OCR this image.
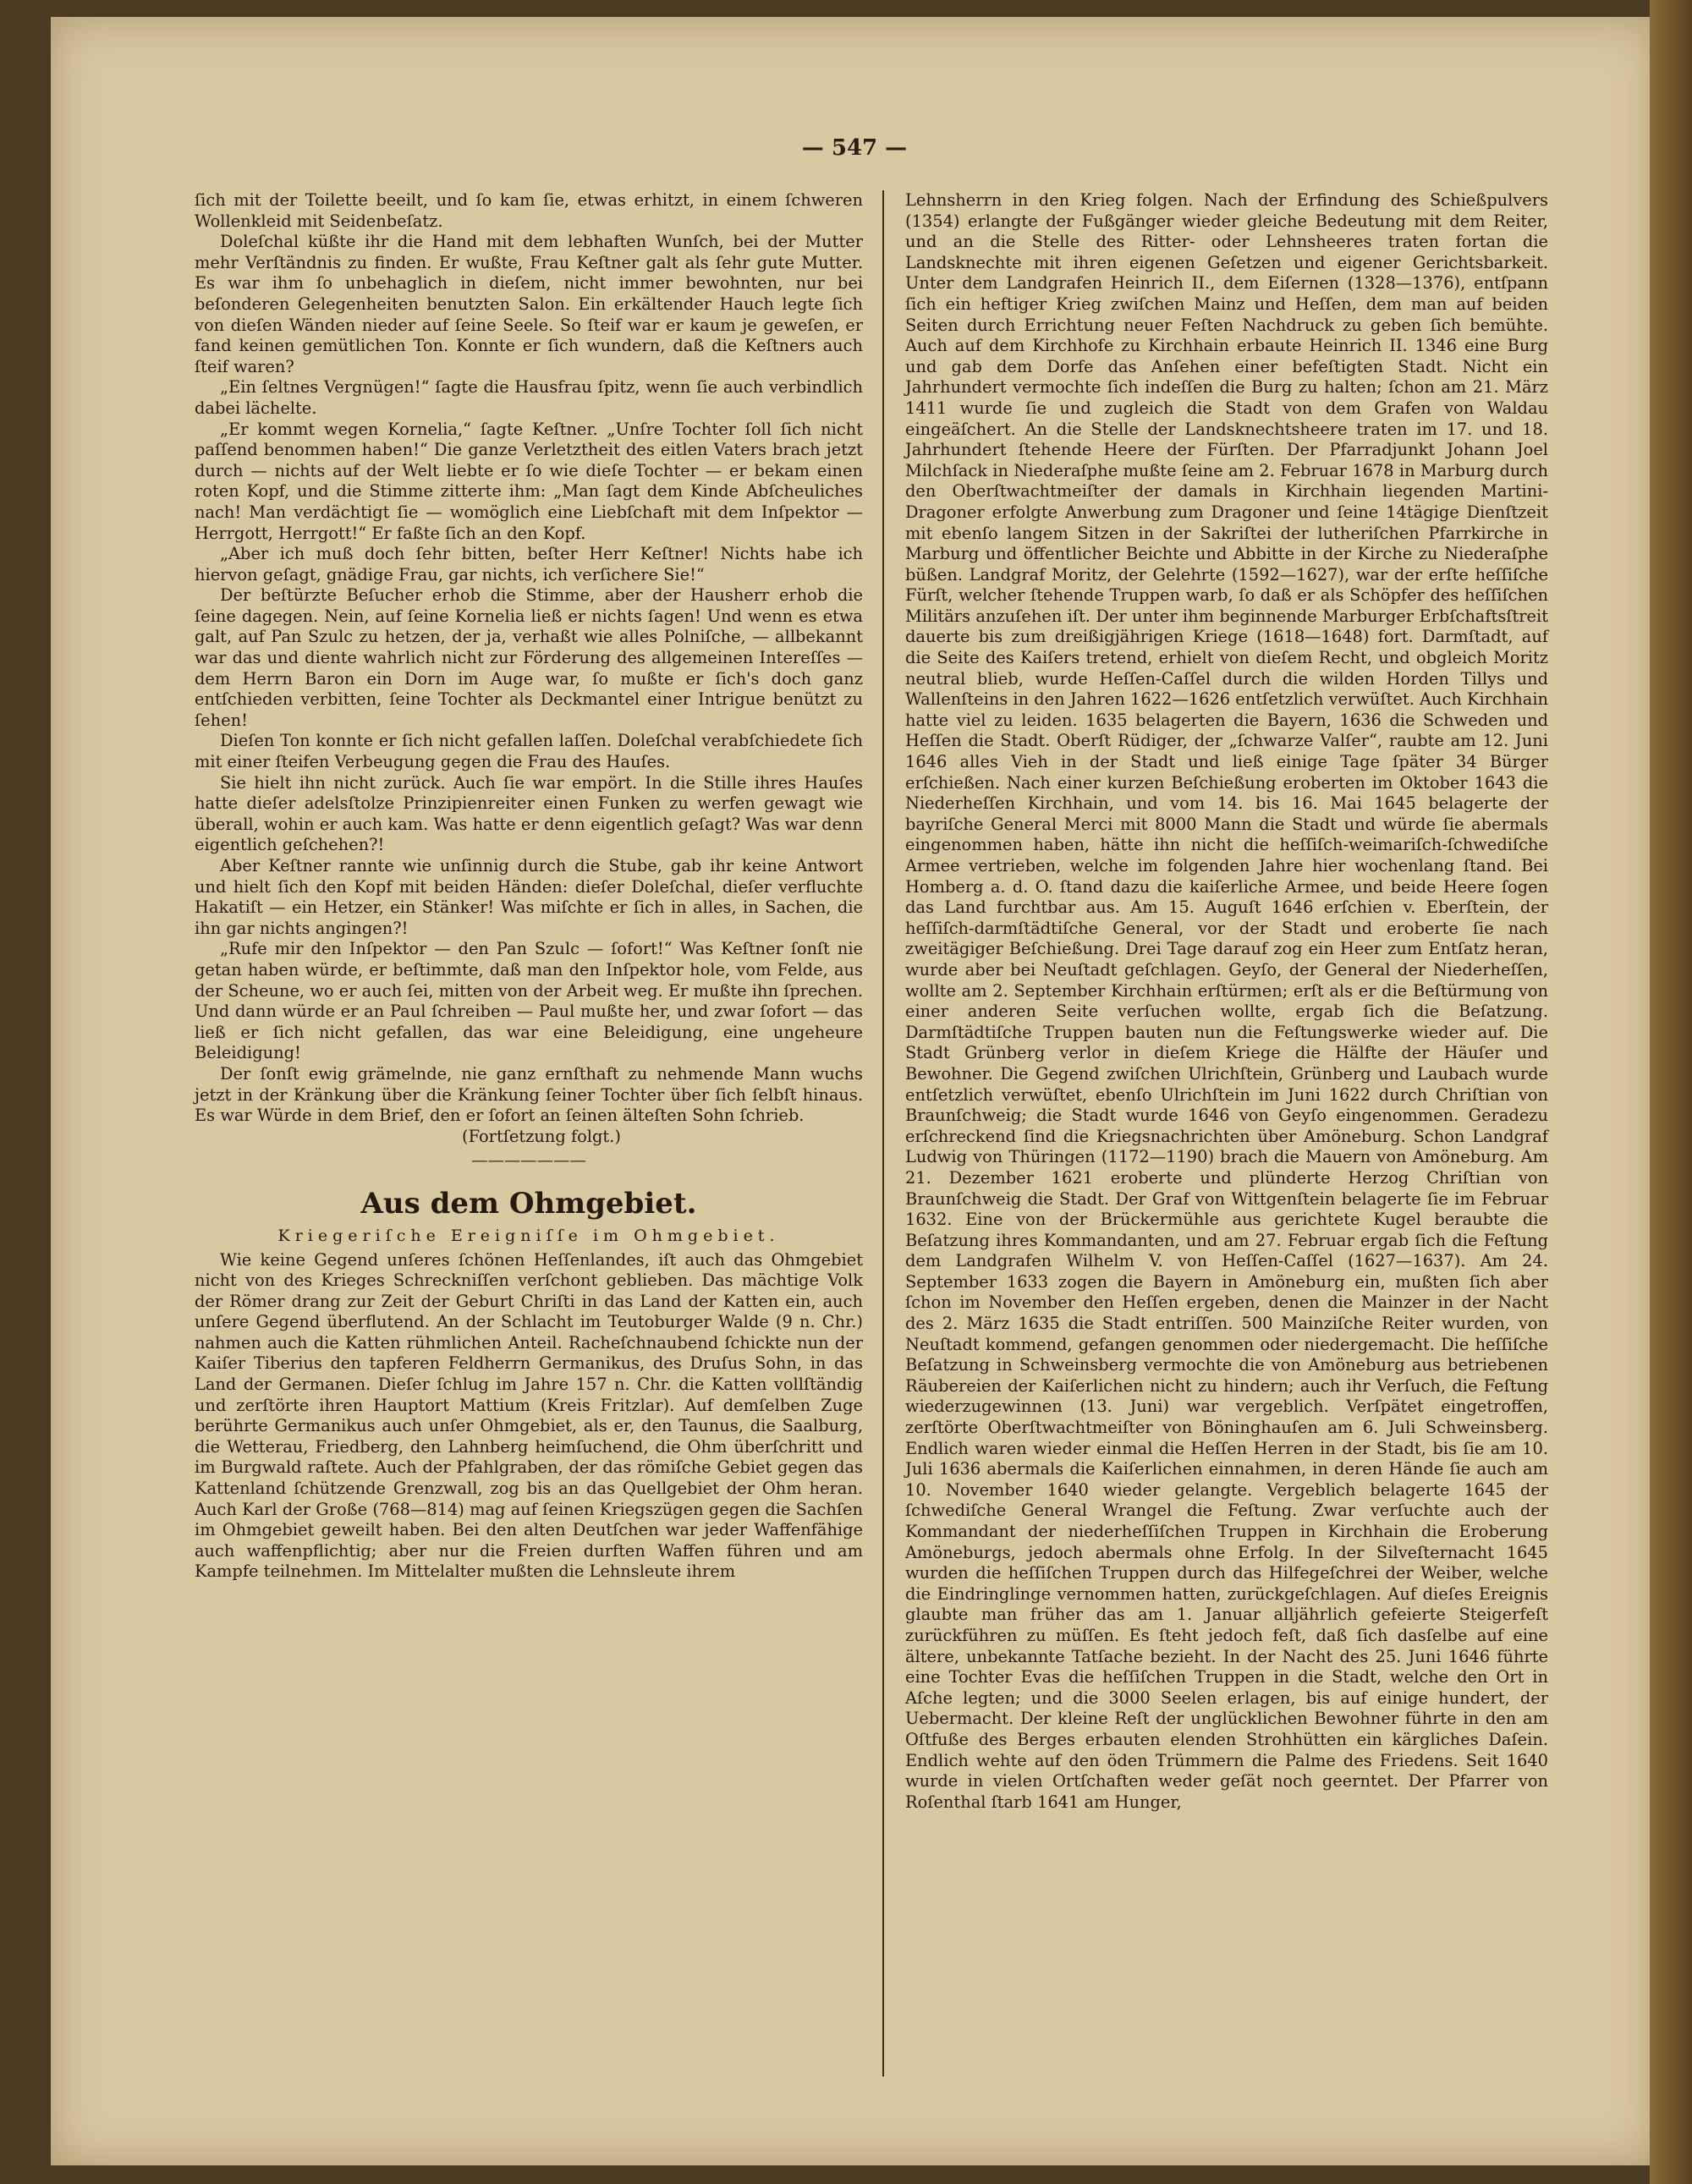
— 547 —

ſich mit der Toilette beeilt, und ſo kam ſie, etwas erhitzt, in einem ſchweren Wollenkleid mit Seidenbeſatz.

Doleſchal küßte ihr die Hand mit dem lebhaften Wunſch, bei der Mutter mehr Verſtändnis zu finden. Er wußte, Frau Keſtner galt als ſehr gute Mutter. Es war ihm ſo unbehaglich in dieſem, nicht immer bewohnten, nur bei beſonderen Gelegenheiten benutzten Salon. Ein erkältender Hauch legte ſich von dieſen Wänden nieder auf ſeine Seele. So ſteif war er kaum je geweſen, er fand keinen gemütlichen Ton. Konnte er ſich wundern, daß die Keſtners auch ſteif waren?

„Ein ſeltnes Vergnügen!“ ſagte die Hausfrau ſpitz, wenn ſie auch verbindlich dabei lächelte.

„Er kommt wegen Kornelia,“ ſagte Keſtner. „Unſre Tochter ſoll ſich nicht paſſend benommen haben!“ Die ganze Verletztheit des eitlen Vaters brach jetzt durch — nichts auf der Welt liebte er ſo wie dieſe Tochter — er bekam einen roten Kopf, und die Stimme zitterte ihm: „Man ſagt dem Kinde Abſcheuliches nach! Man verdächtigt ſie — womöglich eine Liebſchaft mit dem Inſpektor — Herrgott, Herrgott!“ Er faßte ſich an den Kopf.

„Aber ich muß doch ſehr bitten, beſter Herr Keſtner! Nichts habe ich hiervon geſagt, gnädige Frau, gar nichts, ich verſichere Sie!“

Der beſtürzte Beſucher erhob die Stimme, aber der Hausherr erhob die ſeine dagegen. Nein, auf ſeine Kornelia ließ er nichts ſagen! Und wenn es etwa galt, auf Pan Szulc zu hetzen, der ja, verhaßt wie alles Polniſche, — allbekannt war das und diente wahrlich nicht zur Förderung des allgemeinen Intereſſes — dem Herrn Baron ein Dorn im Auge war, ſo mußte er ſich's doch ganz entſchieden verbitten, ſeine Tochter als Deckmantel einer Intrigue benützt zu ſehen!

Dieſen Ton konnte er ſich nicht gefallen laſſen. Doleſchal verabſchiedete ſich mit einer ſteifen Verbeugung gegen die Frau des Hauſes.

Sie hielt ihn nicht zurück. Auch ſie war empört. In die Stille ihres Hauſes hatte dieſer adelsſtolze Prinzipienreiter einen Funken zu werfen gewagt wie überall, wohin er auch kam. Was hatte er denn eigentlich geſagt? Was war denn eigentlich geſchehen?!

Aber Keſtner rannte wie unſinnig durch die Stube, gab ihr keine Antwort und hielt ſich den Kopf mit beiden Händen: dieſer Doleſchal, dieſer verfluchte Hakatiſt — ein Hetzer, ein Stänker! Was miſchte er ſich in alles, in Sachen, die ihn gar nichts angingen?!

„Rufe mir den Inſpektor — den Pan Szulc — ſofort!“ Was Keſtner ſonſt nie getan haben würde, er beſtimmte, daß man den Inſpektor hole, vom Felde, aus der Scheune, wo er auch ſei, mitten von der Arbeit weg. Er mußte ihn ſprechen. Und dann würde er an Paul ſchreiben — Paul mußte her, und zwar ſofort — das ließ er ſich nicht gefallen, das war eine Beleidigung, eine ungeheure Beleidigung!

Der ſonſt ewig grämelnde, nie ganz ernſthaft zu nehmende Mann wuchs jetzt in der Kränkung über die Kränkung ſeiner Tochter über ſich ſelbſt hinaus. Es war Würde in dem Brief, den er ſofort an ſeinen älteſten Sohn ſchrieb.

(Fortſetzung folgt.)

———————
Aus dem Ohmgebiet.
Kriegeriſche Ereigniſſe im Ohmgebiet.

Wie keine Gegend unſeres ſchönen Heſſenlandes, iſt auch das Ohmgebiet nicht von des Krieges Schreckniſſen verſchont geblieben. Das mächtige Volk der Römer drang zur Zeit der Geburt Chriſti in das Land der Katten ein, auch unſere Gegend überflutend. An der Schlacht im Teutoburger Walde (9 n. Chr.) nahmen auch die Katten rühmlichen Anteil. Racheſchnaubend ſchickte nun der Kaiſer Tiberius den tapferen Feldherrn Germanikus, des Druſus Sohn, in das Land der Germanen. Dieſer ſchlug im Jahre 157 n. Chr. die Katten vollſtändig und zerſtörte ihren Hauptort Mattium (Kreis Fritzlar). Auf demſelben Zuge berührte Germanikus auch unſer Ohmgebiet, als er, den Taunus, die Saalburg, die Wetterau, Friedberg, den Lahnberg heimſuchend, die Ohm überſchritt und im Burgwald raſtete. Auch der Pfahlgraben, der das römiſche Gebiet gegen das Kattenland ſchützende Grenzwall, zog bis an das Quellgebiet der Ohm heran. Auch Karl der Große (768—814) mag auf ſeinen Kriegszügen gegen die Sachſen im Ohmgebiet geweilt haben. Bei den alten Deutſchen war jeder Waffenfähige auch waffenpflichtig; aber nur die Freien durften Waffen führen und am Kampfe teilnehmen. Im Mittelalter mußten die Lehnsleute ihrem

Lehnsherrn in den Krieg folgen. Nach der Erfindung des Schießpulvers (1354) erlangte der Fußgänger wieder gleiche Bedeutung mit dem Reiter, und an die Stelle des Ritter- oder Lehnsheeres traten fortan die Landsknechte mit ihren eigenen Geſetzen und eigener Gerichtsbarkeit. Unter dem Landgrafen Heinrich II., dem Eiſernen (1328—1376), entſpann ſich ein heftiger Krieg zwiſchen Mainz und Heſſen, dem man auf beiden Seiten durch Errichtung neuer Feſten Nachdruck zu geben ſich bemühte. Auch auf dem Kirchhofe zu Kirchhain erbaute Heinrich II. 1346 eine Burg und gab dem Dorfe das Anſehen einer befeſtigten Stadt. Nicht ein Jahrhundert vermochte ſich indeſſen die Burg zu halten; ſchon am 21. März 1411 wurde ſie und zugleich die Stadt von dem Grafen von Waldau eingeäſchert. An die Stelle der Landsknechtsheere traten im 17. und 18. Jahrhundert ſtehende Heere der Fürſten. Der Pfarradjunkt Johann Joel Milchſack in Niederaſphe mußte ſeine am 2. Februar 1678 in Marburg durch den Oberſtwachtmeiſter der damals in Kirchhain liegenden Martini-Dragoner erfolgte Anwerbung zum Dragoner und ſeine 14tägige Dienſtzeit mit ebenſo langem Sitzen in der Sakriſtei der lutheriſchen Pfarrkirche in Marburg und öffentlicher Beichte und Abbitte in der Kirche zu Niederaſphe büßen. Landgraf Moritz, der Gelehrte (1592—1627), war der erſte heſſiſche Fürſt, welcher ſtehende Truppen warb, ſo daß er als Schöpfer des heſſiſchen Militärs anzuſehen iſt. Der unter ihm beginnende Marburger Erbſchaftsſtreit dauerte bis zum dreißigjährigen Kriege (1618—1648) fort. Darmſtadt, auf die Seite des Kaiſers tretend, erhielt von dieſem Recht, und obgleich Moritz neutral blieb, wurde Heſſen-Caſſel durch die wilden Horden Tillys und Wallenſteins in den Jahren 1622—1626 entſetzlich verwüſtet. Auch Kirchhain hatte viel zu leiden. 1635 belagerten die Bayern, 1636 die Schweden und Heſſen die Stadt. Oberſt Rüdiger, der „ſchwarze Valſer“, raubte am 12. Juni 1646 alles Vieh in der Stadt und ließ einige Tage ſpäter 34 Bürger erſchießen. Nach einer kurzen Beſchießung eroberten im Oktober 1643 die Niederheſſen Kirchhain, und vom 14. bis 16. Mai 1645 belagerte der bayriſche General Merci mit 8000 Mann die Stadt und würde ſie abermals eingenommen haben, hätte ihn nicht die heſſiſch-weimariſch-ſchwediſche Armee vertrieben, welche im folgenden Jahre hier wochenlang ſtand. Bei Homberg a. d. O. ſtand dazu die kaiſerliche Armee, und beide Heere ſogen das Land furchtbar aus. Am 15. Auguſt 1646 erſchien v. Eberſtein, der heſſiſch-darmſtädtiſche General, vor der Stadt und eroberte ſie nach zweitägiger Beſchießung. Drei Tage darauf zog ein Heer zum Entſatz heran, wurde aber bei Neuſtadt geſchlagen. Geyſo, der General der Niederheſſen, wollte am 2. September Kirchhain erſtürmen; erſt als er die Beſtürmung von einer anderen Seite verſuchen wollte, ergab ſich die Beſatzung. Darmſtädtiſche Truppen bauten nun die Feſtungswerke wieder auf. Die Stadt Grünberg verlor in dieſem Kriege die Hälfte der Häuſer und Bewohner. Die Gegend zwiſchen Ulrichſtein, Grünberg und Laubach wurde entſetzlich verwüſtet, ebenſo Ulrichſtein im Juni 1622 durch Chriſtian von Braunſchweig; die Stadt wurde 1646 von Geyſo eingenommen. Geradezu erſchreckend ſind die Kriegsnachrichten über Amöneburg. Schon Landgraf Ludwig von Thüringen (1172—1190) brach die Mauern von Amöneburg. Am 21. Dezember 1621 eroberte und plünderte Herzog Chriſtian von Braunſchweig die Stadt. Der Graf von Wittgenſtein belagerte ſie im Februar 1632. Eine von der Brückermühle aus gerichtete Kugel beraubte die Beſatzung ihres Kommandanten, und am 27. Februar ergab ſich die Feſtung dem Landgrafen Wilhelm V. von Heſſen-Caſſel (1627—1637). Am 24. September 1633 zogen die Bayern in Amöneburg ein, mußten ſich aber ſchon im November den Heſſen ergeben, denen die Mainzer in der Nacht des 2. März 1635 die Stadt entriſſen. 500 Mainziſche Reiter wurden, von Neuſtadt kommend, gefangen genommen oder niedergemacht. Die heſſiſche Beſatzung in Schweinsberg vermochte die von Amöneburg aus betriebenen Räubereien der Kaiſerlichen nicht zu hindern; auch ihr Verſuch, die Feſtung wiederzugewinnen (13. Juni) war vergeblich. Verſpätet eingetroffen, zerſtörte Oberſtwachtmeiſter von Böninghauſen am 6. Juli Schweinsberg. Endlich waren wieder einmal die Heſſen Herren in der Stadt, bis ſie am 10. Juli 1636 abermals die Kaiſerlichen einnahmen, in deren Hände ſie auch am 10. November 1640 wieder gelangte. Vergeblich belagerte 1645 der ſchwediſche General Wrangel die Feſtung. Zwar verſuchte auch der Kommandant der niederheſſiſchen Truppen in Kirchhain die Eroberung Amöneburgs, jedoch abermals ohne Erfolg. In der Silveſternacht 1645 wurden die heſſiſchen Truppen durch das Hilfegeſchrei der Weiber, welche die Eindringlinge vernommen hatten, zurückgeſchlagen. Auf dieſes Ereignis glaubte man früher das am 1. Januar alljährlich gefeierte Steigerfeſt zurückführen zu müſſen. Es ſteht jedoch feſt, daß ſich dasſelbe auf eine ältere, unbekannte Tatſache bezieht. In der Nacht des 25. Juni 1646 führte eine Tochter Evas die heſſiſchen Truppen in die Stadt, welche den Ort in Aſche legten; und die 3000 Seelen erlagen, bis auf einige hundert, der Uebermacht. Der kleine Reſt der unglücklichen Bewohner führte in den am Oſtfuße des Berges erbauten elenden Strohhütten ein kärgliches Daſein. Endlich wehte auf den öden Trümmern die Palme des Friedens. Seit 1640 wurde in vielen Ortſchaften weder geſät noch geerntet. Der Pfarrer von Roſenthal ſtarb 1641 am Hunger,
